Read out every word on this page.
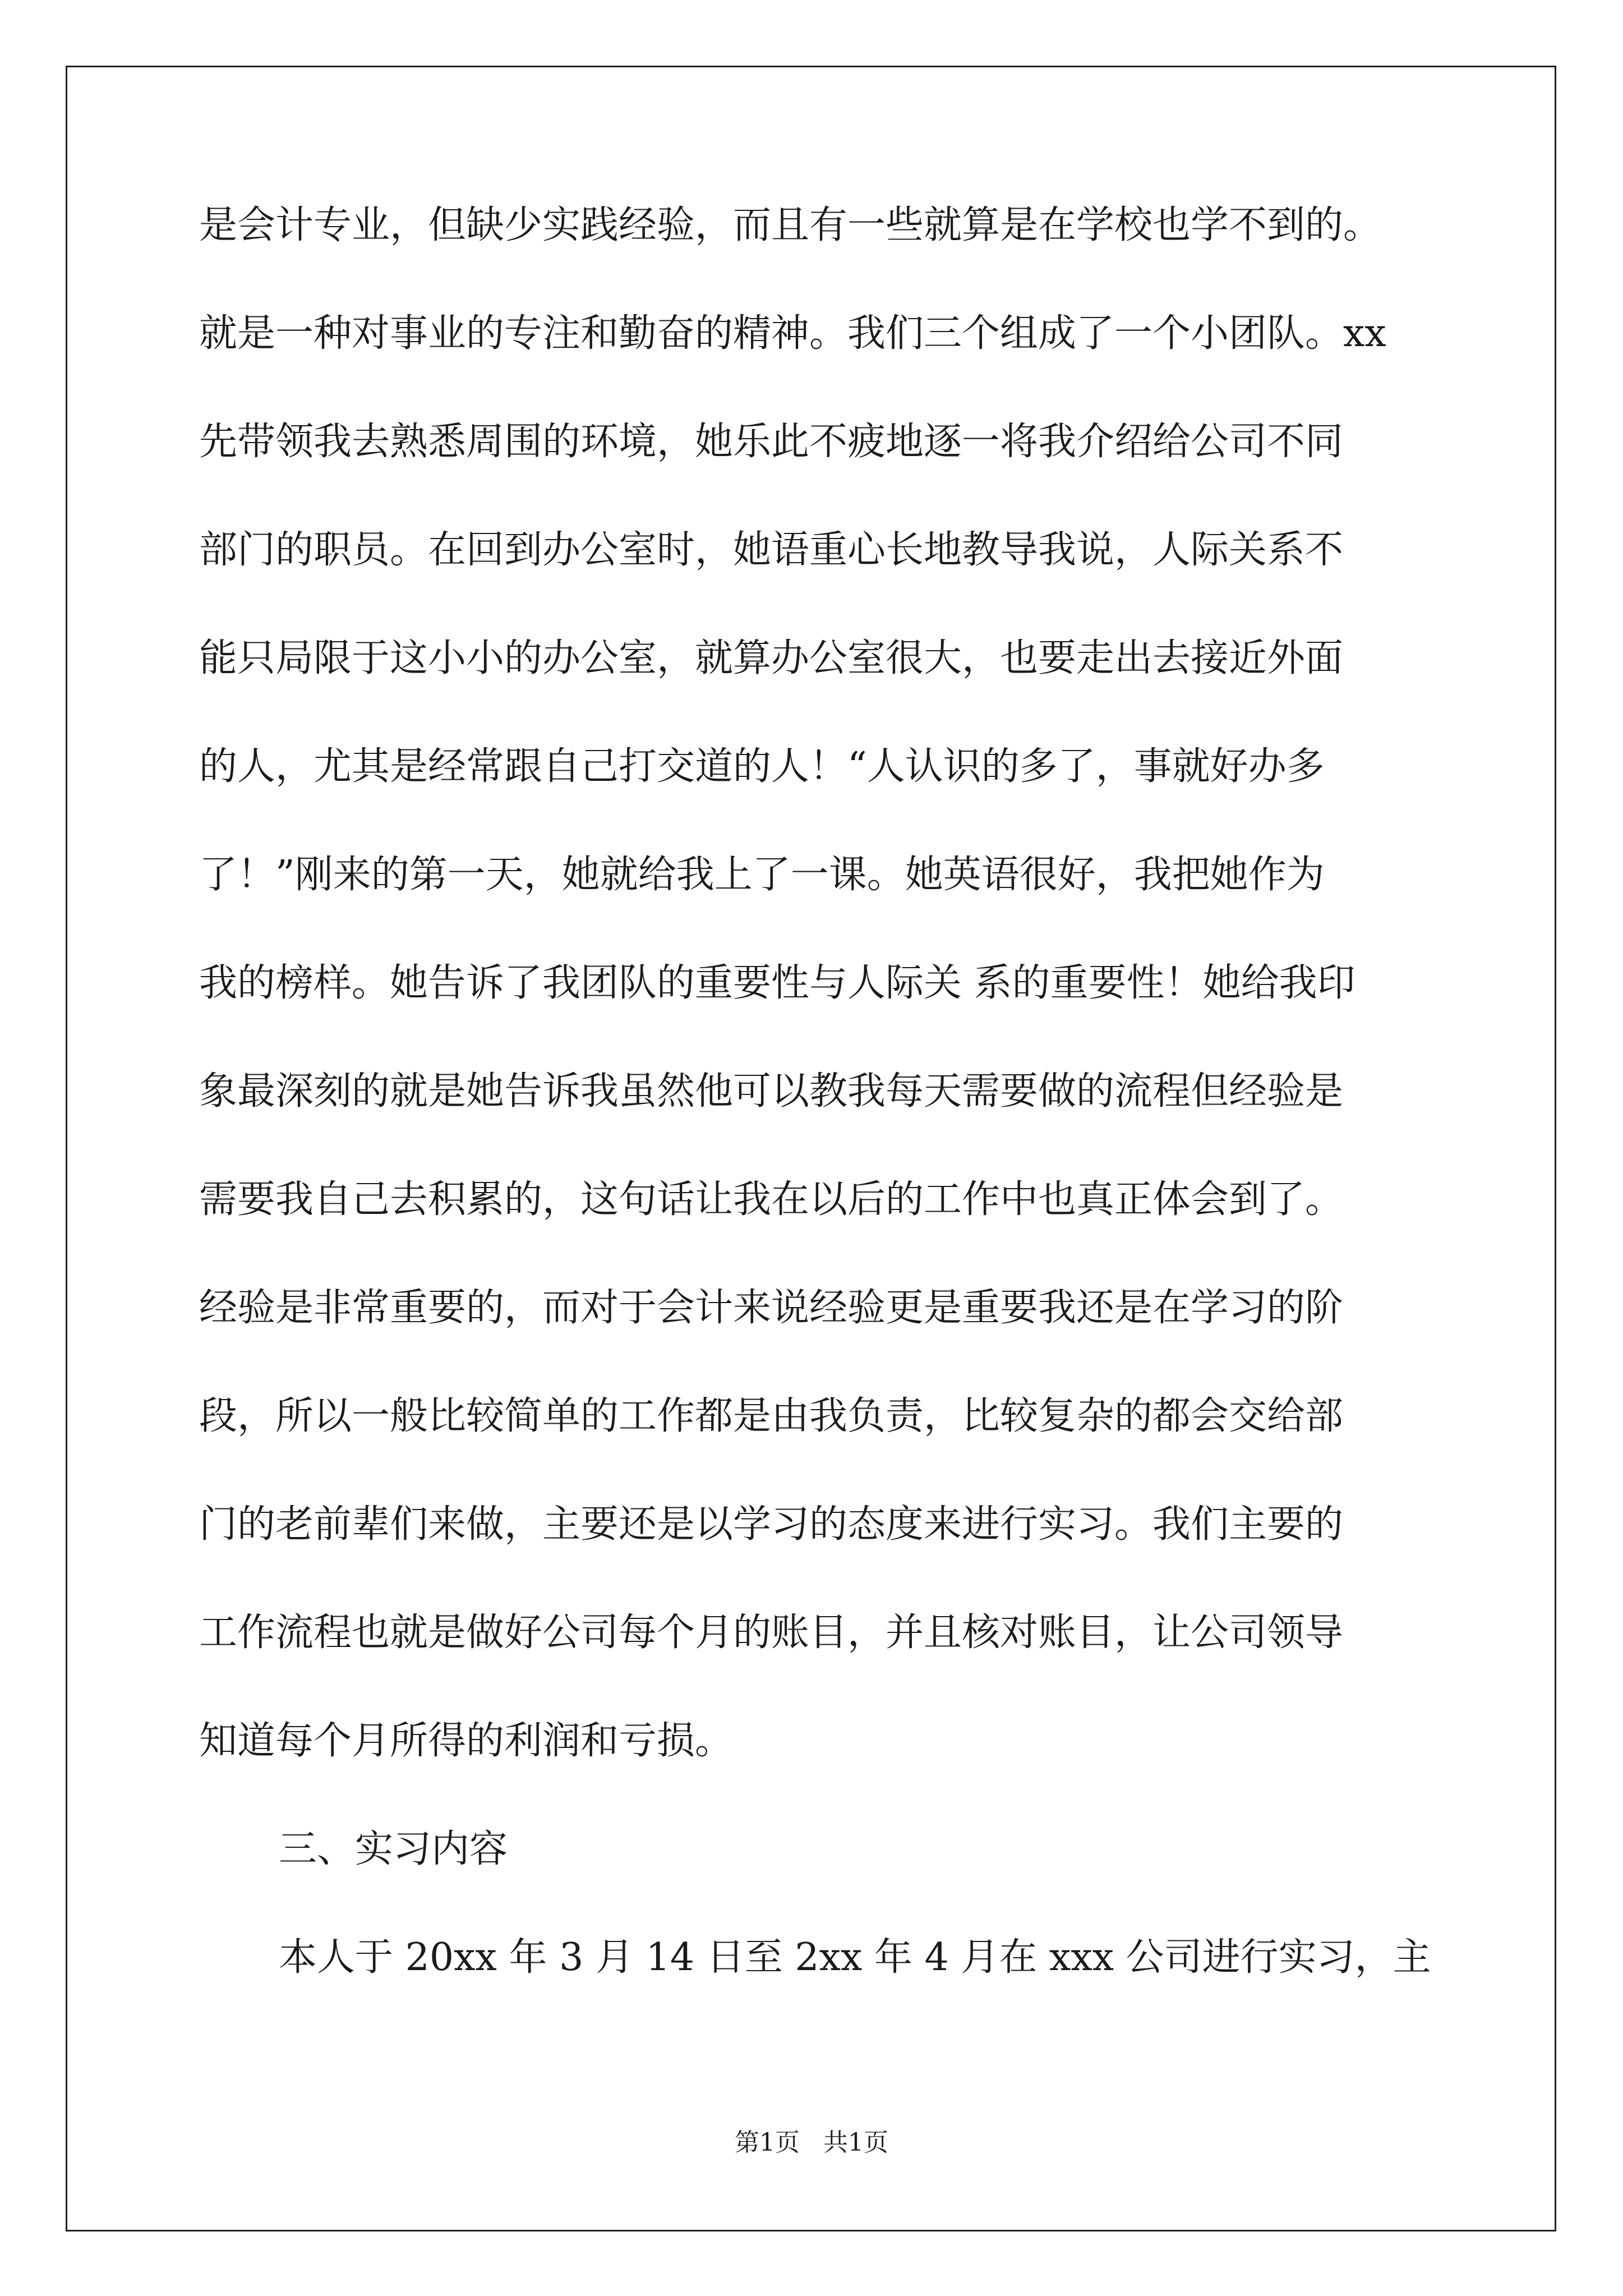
是会计专业，但缺少实践经验，而且有一些就算是在学校也学不到的。
就是一种对事业的专注和勤奋的精神。我们三个组成了一个小团队。xx
先带领我去熟悉周围的环境，她乐此不疲地逐一将我介绍给公司不同
部门的职员。在回到办公室时，她语重心长地教导我说，人际关系不
能只局限于这小小的办公室，就算办公室很大，也要走出去接近外面
的人，尤其是经常跟自己打交道的人！“人认识的多了，事就好办多
了！”刚来的第一天，她就给我上了一课。她英语很好，我把她作为
我的榜样。她告诉了我团队的重要性与人际关 系的重要性！她给我印
象最深刻的就是她告诉我虽然他可以教我每天需要做的流程但经验是
需要我自己去积累的，这句话让我在以后的工作中也真正体会到了。
经验是非常重要的，而对于会计来说经验更是重要我还是在学习的阶
段，所以一般比较简单的工作都是由我负责，比较复杂的都会交给部
门的老前辈们来做，主要还是以学习的态度来进行实习。我们主要的
工作流程也就是做好公司每个月的账目，并且核对账目，让公司领导
知道每个月所得的利润和亏损。
三、实习内容
本人于 20xx 年 3 月 14 日至 2xx 年 4 月在 xxx 公司进行实习，主
第1页   共1页
